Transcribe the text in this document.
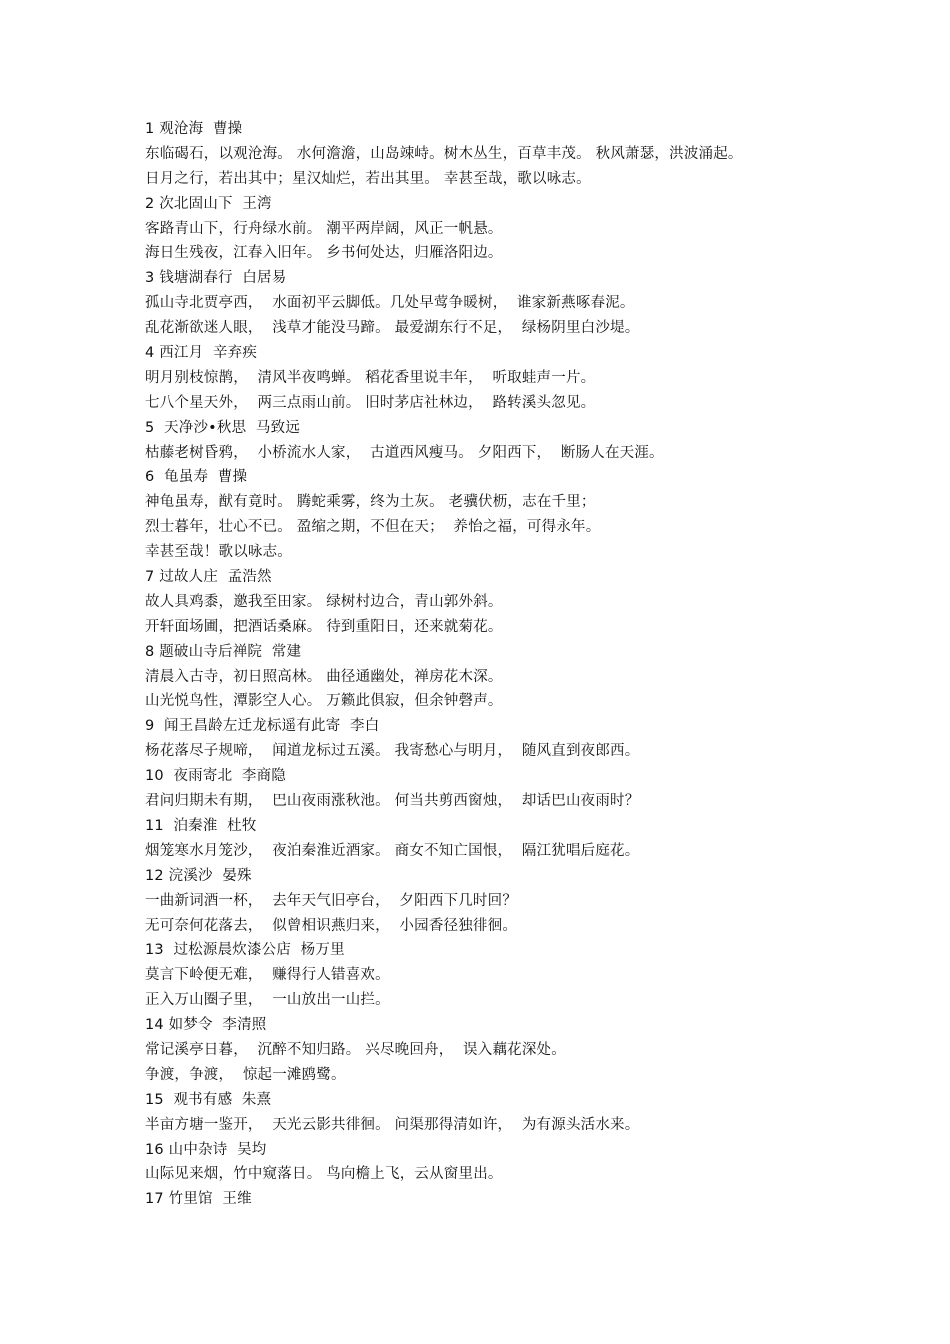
1 观沧海  曹操
东临碣石，以观沧海。 水何澹澹，山岛竦峙。树木丛生，百草丰茂。 秋风萧瑟，洪波涌起。
日月之行，若出其中；星汉灿烂，若出其里。 幸甚至哉，歌以咏志。
2 次北固山下  王湾
客路青山下，行舟绿水前。 潮平两岸阔，风正一帆悬。
海日生残夜，江春入旧年。 乡书何处达，归雁洛阳边。
3 钱塘湖春行  白居易
孤山寺北贾亭西，  水面初平云脚低。几处早莺争暖树，  谁家新燕啄春泥。
乱花渐欲迷人眼，  浅草才能没马蹄。 最爱湖东行不足，  绿杨阴里白沙堤。
4 西江月  辛弃疾
明月别枝惊鹊，  清风半夜鸣蝉。 稻花香里说丰年，  听取蛙声一片。
七八个星天外，  两三点雨山前。 旧时茅店社林边，  路转溪头忽见。
5  天净沙•秋思  马致远
枯藤老树昏鸦，  小桥流水人家，  古道西风瘦马。 夕阳西下，  断肠人在天涯。
6  龟虽寿  曹操
神龟虽寿，猷有竟时。 腾蛇乘雾，终为土灰。 老骥伏枥，志在千里；
烈士暮年，壮心不已。 盈缩之期，不但在天；  养怡之福，可得永年。
幸甚至哉！歌以咏志。
7 过故人庄  孟浩然
故人具鸡黍，邀我至田家。 绿树村边合，青山郭外斜。
开轩面场圃，把酒话桑麻。 待到重阳日，还来就菊花。
8 题破山寺后禅院  常建
清晨入古寺，初日照高林。 曲径通幽处，禅房花木深。
山光悦鸟性，潭影空人心。 万籁此俱寂，但余钟磬声。
9  闻王昌龄左迁龙标遥有此寄  李白
杨花落尽子规啼，  闻道龙标过五溪。 我寄愁心与明月，  随风直到夜郎西。
10  夜雨寄北  李商隐
君问归期未有期，  巴山夜雨涨秋池。 何当共剪西窗烛，  却话巴山夜雨时？
11  泊秦淮  杜牧
烟笼寒水月笼沙，  夜泊秦淮近酒家。 商女不知亡国恨，  隔江犹唱后庭花。
12 浣溪沙  晏殊
一曲新词酒一杯，  去年天气旧亭台，  夕阳西下几时回？
无可奈何花落去，  似曾相识燕归来，  小园香径独徘徊。
13  过松源晨炊漆公店  杨万里
莫言下岭便无难，  赚得行人错喜欢。
正入万山圈子里，  一山放出一山拦。
14 如梦令  李清照
常记溪亭日暮，  沉醉不知归路。 兴尽晚回舟，  误入藕花深处。
争渡，争渡，  惊起一滩鸥鹭。
15  观书有感  朱熹
半亩方塘一鉴开，  天光云影共徘徊。 问渠那得清如许，  为有源头活水来。
16 山中杂诗  吴均
山际见来烟，竹中窥落日。 鸟向檐上飞，云从窗里出。
17 竹里馆  王维
